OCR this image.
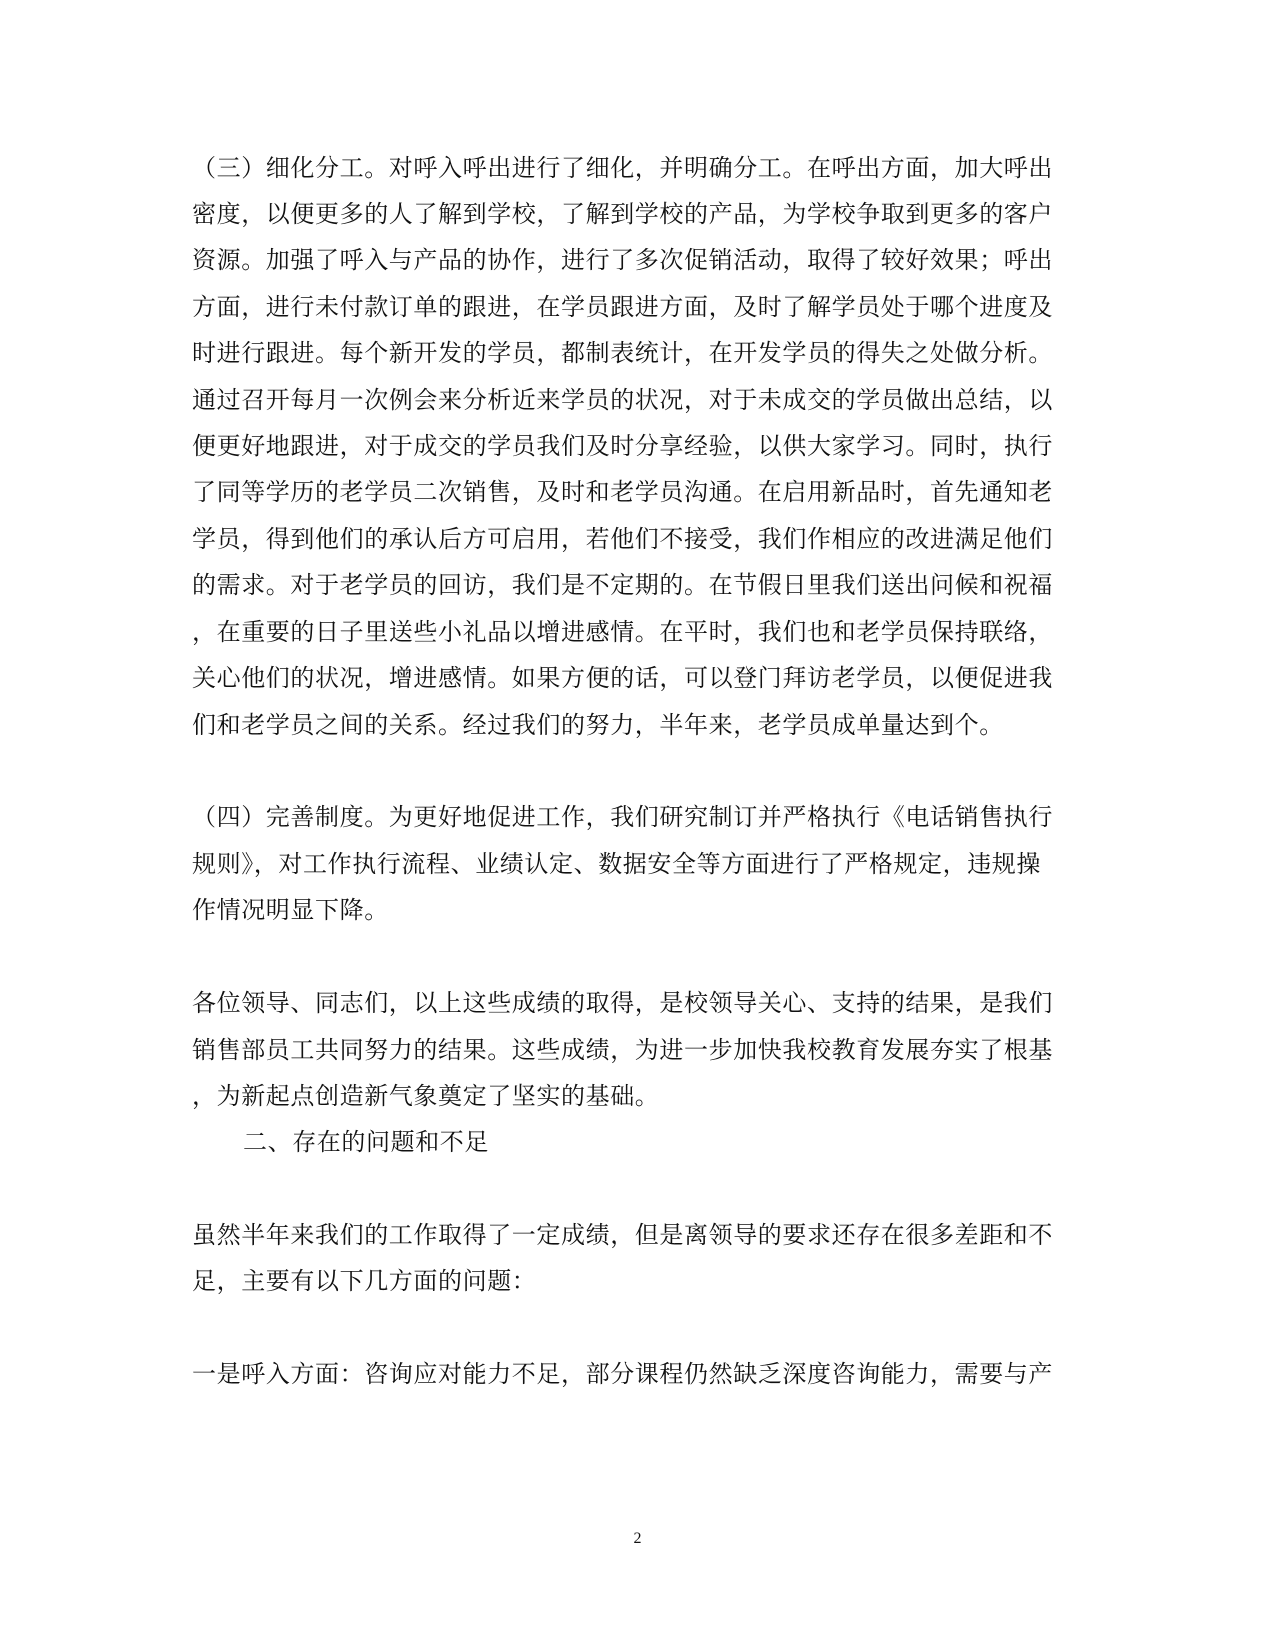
（三）细化分工。对呼入呼出进行了细化，并明确分工。在呼出方面，加大呼出
密度，以便更多的人了解到学校，了解到学校的产品，为学校争取到更多的客户
资源。加强了呼入与产品的协作，进行了多次促销活动，取得了较好效果；呼出
方面，进行未付款订单的跟进，在学员跟进方面，及时了解学员处于哪个进度及
时进行跟进。每个新开发的学员，都制表统计，在开发学员的得失之处做分析。
通过召开每月一次例会来分析近来学员的状况，对于未成交的学员做出总结，以
便更好地跟进，对于成交的学员我们及时分享经验，以供大家学习。同时，执行
了同等学历的老学员二次销售，及时和老学员沟通。在启用新品时，首先通知老
学员，得到他们的承认后方可启用，若他们不接受，我们作相应的改进满足他们
的需求。对于老学员的回访，我们是不定期的。在节假日里我们送出问候和祝福
，在重要的日子里送些小礼品以增进感情。在平时，我们也和老学员保持联络，
关心他们的状况，增进感情。如果方便的话，可以登门拜访老学员，以便促进我
们和老学员之间的关系。经过我们的努力，半年来，老学员成单量达到个。
（四）完善制度。为更好地促进工作，我们研究制订并严格执行《电话销售执行
规则》，对工作执行流程、业绩认定、数据安全等方面进行了严格规定，违规操
作情况明显下降。
各位领导、同志们，以上这些成绩的取得，是校领导关心、支持的结果，是我们
销售部员工共同努力的结果。这些成绩，为进一步加快我校教育发展夯实了根基
，为新起点创造新气象奠定了坚实的基础。
二、存在的问题和不足
虽然半年来我们的工作取得了一定成绩，但是离领导的要求还存在很多差距和不
足，主要有以下几方面的问题：
一是呼入方面：咨询应对能力不足，部分课程仍然缺乏深度咨询能力，需要与产
2
